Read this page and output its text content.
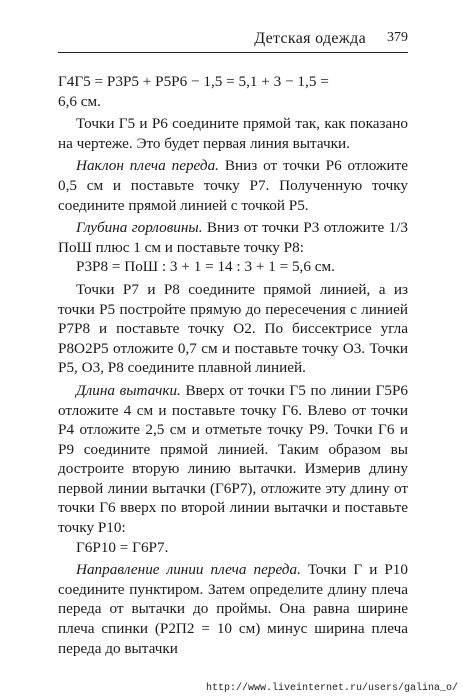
Детская одежда 379
Г4Г5 = Р3Р5 + Р5Р6 − 1,5 = 5,1 + 3 − 1,5 =
6,6 см.
Точки Г5 и Р6 соедините прямой так, как показано на чертеже. Это будет первая линия вытачки.
Наклон плеча переда. Вниз от точки Р6 отложите 0,5 см и поставьте точку Р7. Полученную точку соедините прямой линией с точкой Р5.
Глубина горловины. Вниз от точки Р3 отложите 1/3 ПоШ плюс 1 см и поставьте точку Р8:
Р3Р8 = ПоШ : 3 + 1 = 14 : 3 + 1 = 5,6 см.
Точки Р7 и Р8 соедините прямой линией, а из точки Р5 постройте прямую до пересечения с линией Р7Р8 и поставьте точку О2. По биссектрисе угла Р8О2Р5 отложите 0,7 см и поставьте точку О3. Точки Р5, О3, Р8 соедините плавной линией.
Длина вытачки. Вверх от точки Г5 по линии Г5Р6 отложите 4 см и поставьте точку Г6. Влево от точки Р4 отложите 2,5 см и отметьте точку Р9. Точки Г6 и Р9 соедините прямой линией. Таким образом вы достроите вторую линию вытачки. Измерив длину первой линии вытачки (Г6Р7), отложите эту длину от точки Г6 вверх по второй линии вытачки и поставьте точку Р10:
Г6Р10 = Г6Р7.
Направление линии плеча переда. Точки Г и Р10 соедините пунктиром. Затем определите длину плеча переда от вытачки до проймы. Она равна ширине плеча спинки (Р2П2 = 10 см) минус ширина плеча переда до вытачки
http://www.liveinternet.ru/users/galina_o/
